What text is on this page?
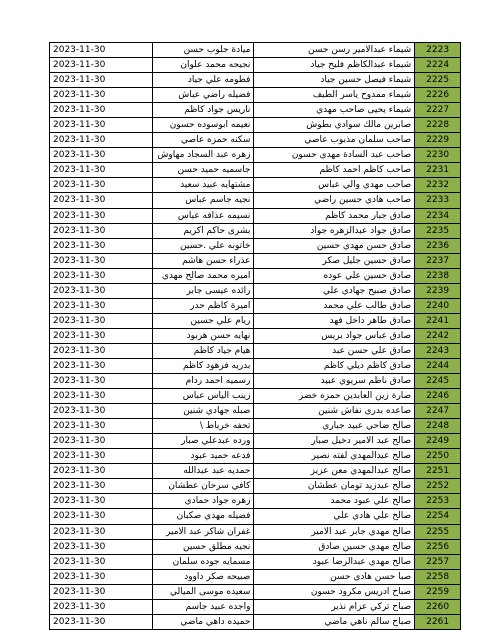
2023-11-30	ميادة جلوب حسن	شيماء عبدالامير رسن حسن	2223
2023-11-30	نجيحه محمد علوان	شيماء عبدالكاظم فليح جياد	2224
2023-11-30	فطومه علي جياد	شيماء فيصل حسين جياد	2225
2023-11-30	فضيله راضي عباش	شيماء ممدوح ياسر الطيف	2226
2023-11-30	ناريس جواد كاظم	شيماء يحيى صاحب مهدي	2227
2023-11-30	نعيمه ابوسوده حسون	صابرين مالك سوادي بطوش	2228
2023-11-30	سكنه حمزه عاصي	صاحب سلمان مذبوب عاصي	2229
2023-11-30	زهره عبد السجاد مهاوش	صاحب عبد السادة مهدي حسون	2230
2023-11-30	جاسميه حميد حسن	صاحب كاظم احمد كاظم	2231
2023-11-30	مشتهايه عبيد سعيد	صاحب مهدي والي عباس	2232
2023-11-30	نجيه جاسم عباس	صاحب هادي حسين راضي	2233
2023-11-30	نسيمه عذافه عباس	صادق جبار محمد كاظم	2234
2023-11-30	بشرى حاكم اكريم	صادق جواد عبدالزهره جواد	2235
2023-11-30	خاتونه علي .حسين	صادق حسن مهدي حسين	2236
2023-11-30	عذراء حسن هاشم	صادق حسين جليل صكر	2237
2023-11-30	اميره محمد صالح مهدي	صادق حسين علي عوده	2238
2023-11-30	رائده عيسى جابر	صادق صبيح جهادي علي	2239
2023-11-30	اميرة كاظم حدر	صادق طالب علي محمد	2240
2023-11-30	ريام علي حسين	صادق طاهر داخل فهد	2241
2023-11-30	نهايه حسن هربود	صادق عباس جواد بريس	2242
2023-11-30	هيام جياد كاظم	صادق علي حسن عبد	2243
2023-11-30	بدريه فرهود كاظم	صادق كاظم ديلي كاظم	2244
2023-11-30	رسميه احمد ردام	صادق ناظم سريوي عبيد	2245
2023-11-30	زينب الياس عباس	صارة زين العابدين حمزه خضر	2246
2023-11-30	صبله جهادي شنين	صاعده بدري نفاش شنين	2247
2023-11-30	تحفه خرباط \	صالح ضاحي عبيد جباري	2248
2023-11-30	ورده عبدعلي صبار	صالح عبد الامير دخيل صبار	2249
2023-11-30	فدعه حميد عبود	صالح عبدالمهدي لفته نصير	2250
2023-11-30	حمديه عبد عبدالله	صالح عبدالمهدي معن عزيز	2251
2023-11-30	كافي سرحان عطشان	صالح عبدزيد تومان عطشان	2252
2023-11-30	زهره جواد حمادي	صالح علي عبود محمد	2253
2023-11-30	فضيله مهدي صكبان	صالح علي هادي علي	2254
2023-11-30	غفران شاكر عبد الامير	صالح مهدي جابر عبد الامير	2255
2023-11-30	نجيه مطلق حسين	صالح مهدي حسين صادق	2256
2023-11-30	مسمايه جوده سلمان	صالح مهدي عبدالرضا عبود	2257
2023-11-30	صبيحه صكر داوود	صبا حسن هادي حسن	2258
2023-11-30	سعيده موسى الميالي	صباح ادريس مكرود حسون	2259
2023-11-30	واجده عبيد جاسم	صباح تركي عزام نذير	2260
2023-11-30	حميده داهي ماضي	صباح سالم ناهي ماضي	2261
